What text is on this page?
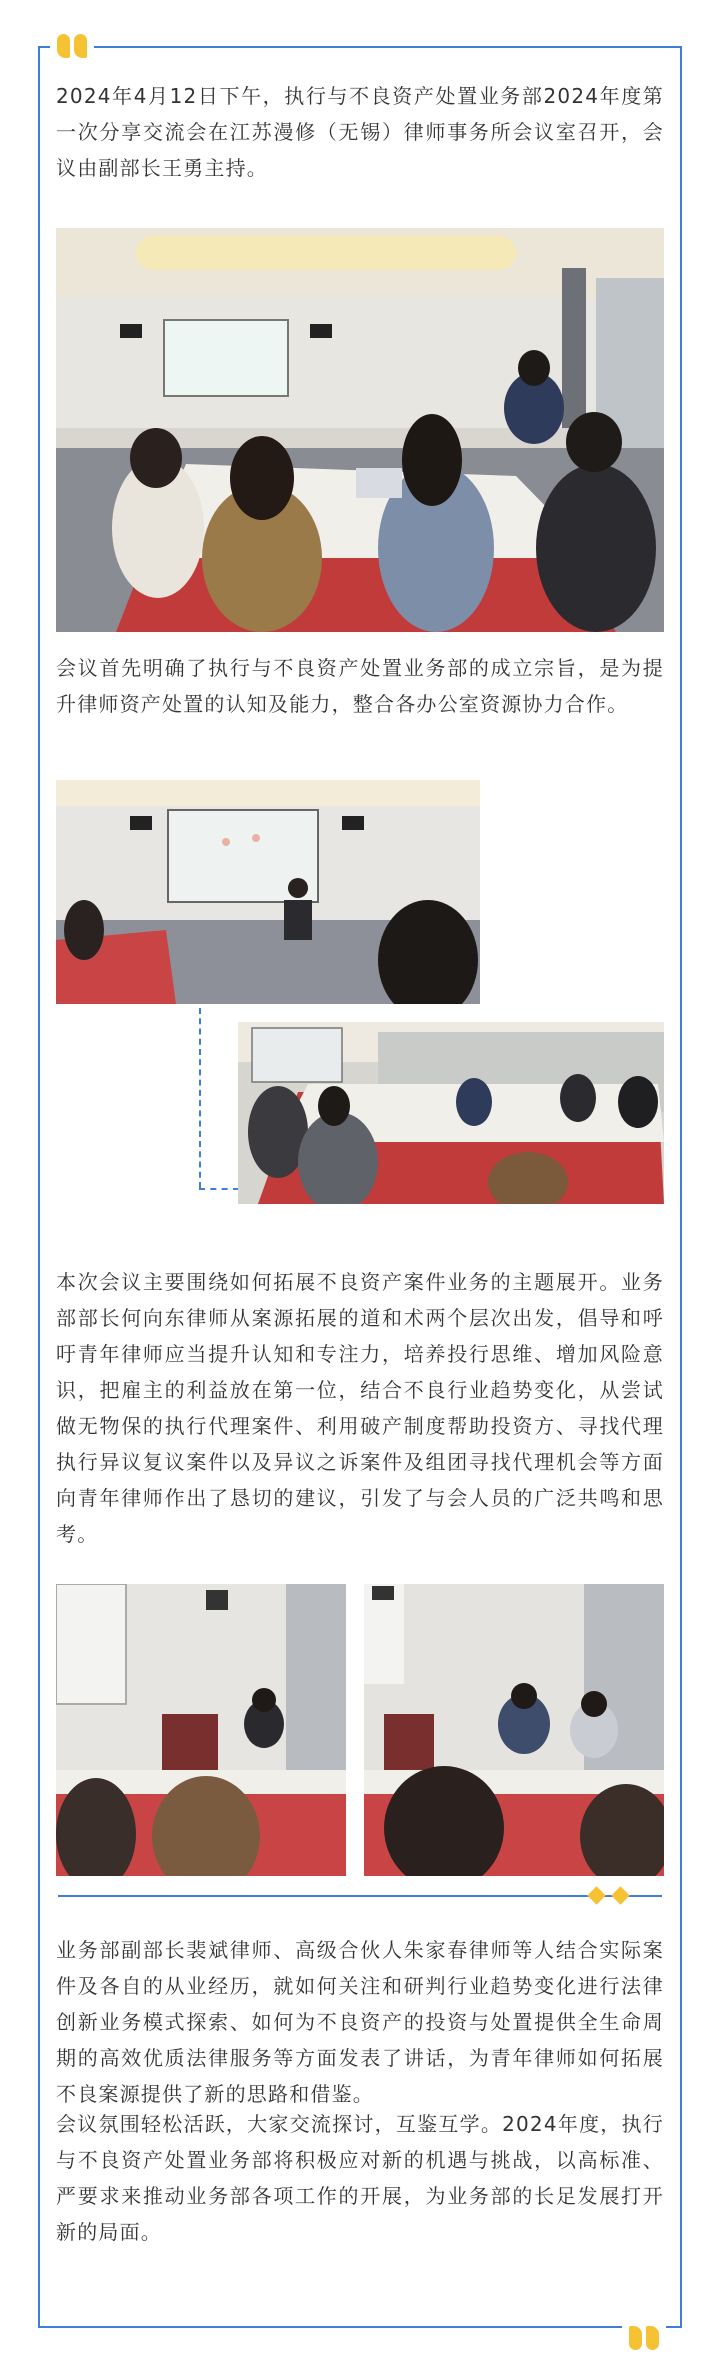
2024年4月12日下午，执行与不良资产处置业务部2024年度第一次分享交流会在江苏漫修（无锡）律师事务所会议室召开，会议由副部长王勇主持。

会议首先明确了执行与不良资产处置业务部的成立宗旨，是为提升律师资产处置的认知及能力，整合各办公室资源协力合作。

本次会议主要围绕如何拓展不良资产案件业务的主题展开。业务部部长何向东律师从案源拓展的道和术两个层次出发，倡导和呼吁青年律师应当提升认知和专注力，培养投行思维、增加风险意识，把雇主的利益放在第一位，结合不良行业趋势变化，从尝试做无物保的执行代理案件、利用破产制度帮助投资方、寻找代理执行异议复议案件以及异议之诉案件及组团寻找代理机会等方面向青年律师作出了恳切的建议，引发了与会人员的广泛共鸣和思考。

业务部副部长裴斌律师、高级合伙人朱家春律师等人结合实际案件及各自的从业经历，就如何关注和研判行业趋势变化进行法律创新业务模式探索、如何为不良资产的投资与处置提供全生命周期的高效优质法律服务等方面发表了讲话，为青年律师如何拓展不良案源提供了新的思路和借鉴。

会议氛围轻松活跃，大家交流探讨，互鉴互学。2024年度，执行与不良资产处置业务部将积极应对新的机遇与挑战，以高标准、严要求来推动业务部各项工作的开展，为业务部的长足发展打开新的局面。
